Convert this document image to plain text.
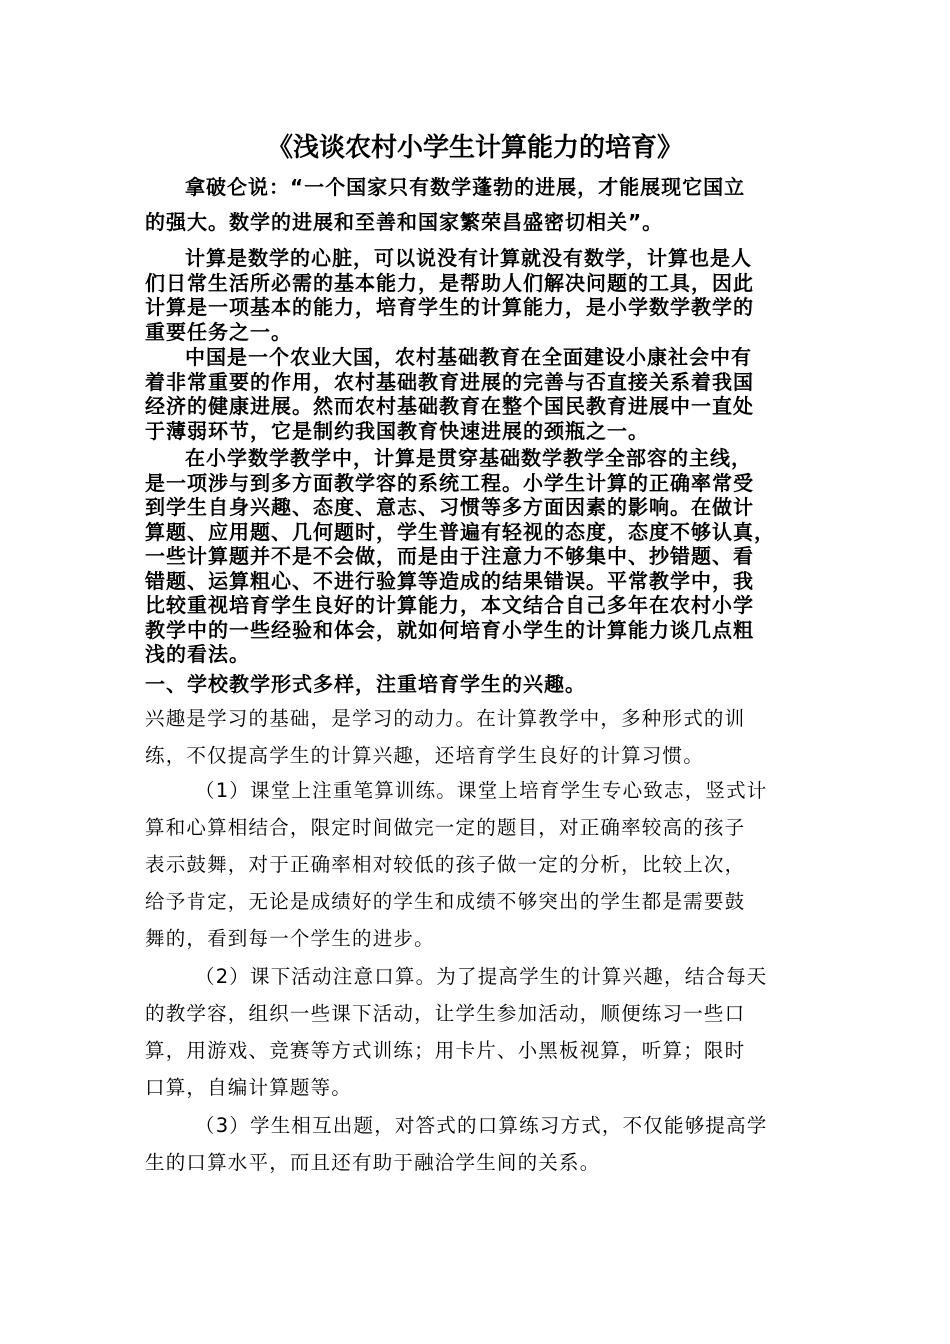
《浅谈农村小学生计算能力的培育》
拿破仑说：“一个国家只有数学蓬勃的进展，才能展现它国立
的强大。数学的进展和至善和国家繁荣昌盛密切相关”。
计算是数学的心脏，可以说没有计算就没有数学，计算也是人
们日常生活所必需的基本能力，是帮助人们解决问题的工具，因此
计算是一项基本的能力，培育学生的计算能力，是小学数学教学的
重要任务之一。
中国是一个农业大国，农村基础教育在全面建设小康社会中有
着非常重要的作用，农村基础教育进展的完善与否直接关系着我国
经济的健康进展。然而农村基础教育在整个国民教育进展中一直处
于薄弱环节，它是制约我国教育快速进展的颈瓶之一。
在小学数学教学中，计算是贯穿基础数学教学全部容的主线，
是一项涉与到多方面教学容的系统工程。小学生计算的正确率常受
到学生自身兴趣、态度、意志、习惯等多方面因素的影响。在做计
算题、应用题、几何题时，学生普遍有轻视的态度，态度不够认真，
一些计算题并不是不会做，而是由于注意力不够集中、抄错题、看
错题、运算粗心、不进行验算等造成的结果错误。平常教学中，我
比较重视培育学生良好的计算能力，本文结合自己多年在农村小学
教学中的一些经验和体会，就如何培育小学生的计算能力谈几点粗
浅的看法。
一、学校教学形式多样，注重培育学生的兴趣。
兴趣是学习的基础，是学习的动力。在计算教学中，多种形式的训
练，不仅提高学生的计算兴趣，还培育学生良好的计算习惯。
（1）课堂上注重笔算训练。课堂上培育学生专心致志，竖式计
算和心算相结合，限定时间做完一定的题目，对正确率较高的孩子
表示鼓舞，对于正确率相对较低的孩子做一定的分析，比较上次，
给予肯定，无论是成绩好的学生和成绩不够突出的学生都是需要鼓
舞的，看到每一个学生的进步。
（2）课下活动注意口算。为了提高学生的计算兴趣，结合每天
的教学容，组织一些课下活动，让学生参加活动，顺便练习一些口
算，用游戏、竞赛等方式训练；用卡片、小黑板视算，听算；限时
口算，自编计算题等。
（3）学生相互出题，对答式的口算练习方式，不仅能够提高学
生的口算水平，而且还有助于融洽学生间的关系。
